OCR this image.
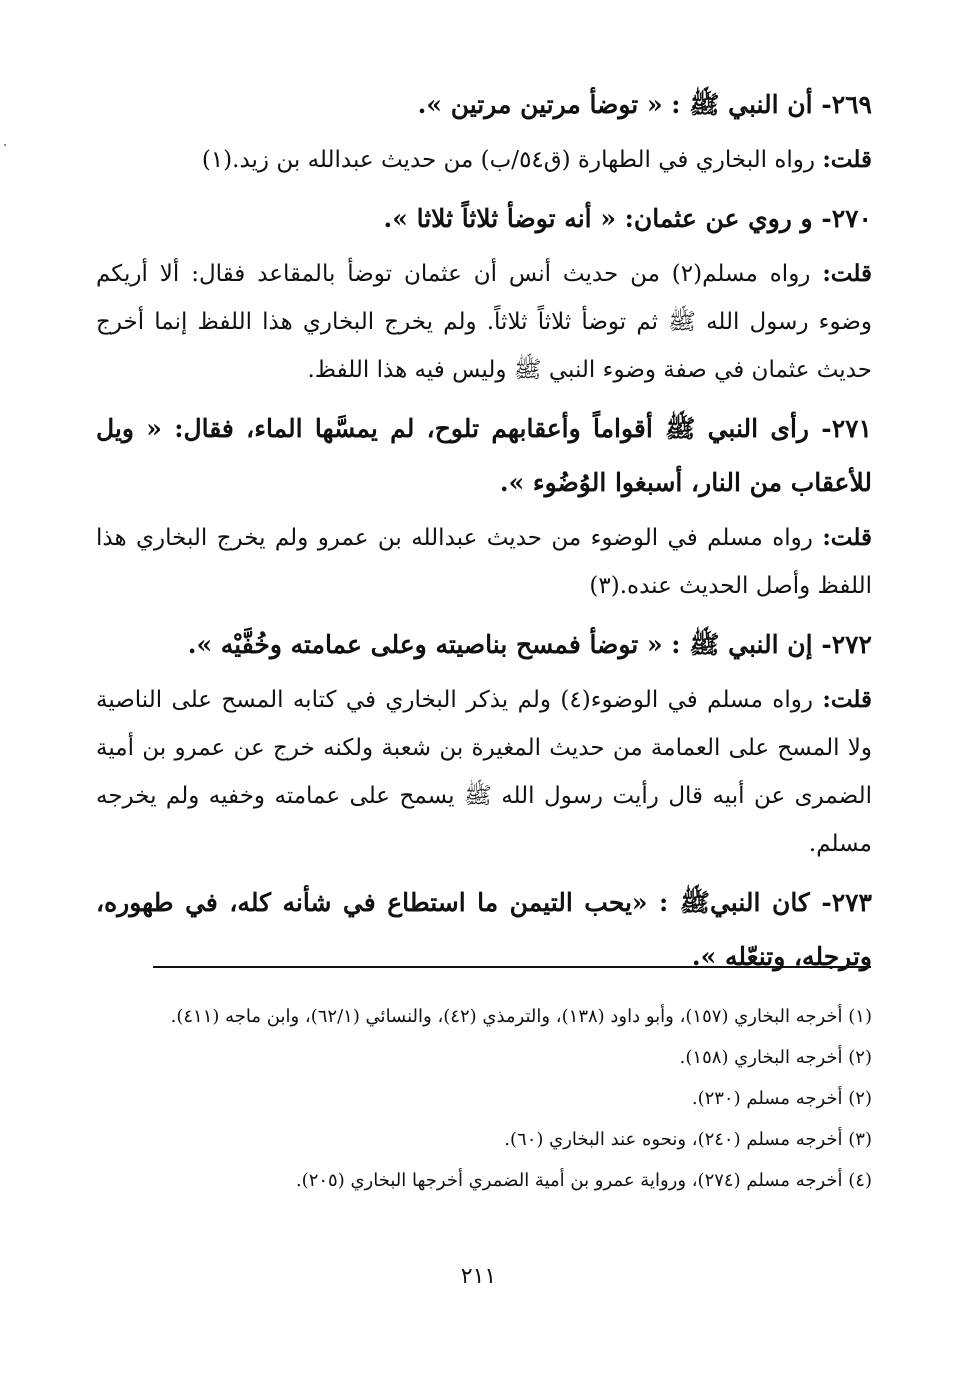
٢٦٩- أن النبي ﷺ : « توضأ مرتين مرتين ».

قلت: رواه البخاري في الطهارة (ق٥٤/ب) من حديث عبدالله بن زيد.(١)

٢٧٠- و روي عن عثمان: « أنه توضأ ثلاثاً ثلاثا ».

قلت: رواه مسلم(٢) من حديث أنس أن عثمان توضأ بالمقاعد فقال: ألا أريكم وضوء رسول الله ﷺ ثم توضأ ثلاثاً ثلاثاً. ولم يخرج البخاري هذا اللفظ إنما أخرج حديث عثمان في صفة وضوء النبي ﷺ وليس فيه هذا اللفظ.

٢٧١- رأى النبي ﷺ أقواماً وأعقابهم تلوح، لم يمسَّها الماء، فقال: « ويل للأعقاب من النار، أسبغوا الوُضُوء ».

قلت: رواه مسلم في الوضوء من حديث عبدالله بن عمرو ولم يخرج البخاري هذا اللفظ وأصل الحديث عنده.(٣)

٢٧٢- إن النبي ﷺ : « توضأ فمسح بناصيته وعلى عمامته وخُفَّيْه ».

قلت: رواه مسلم في الوضوء(٤) ولم يذكر البخاري في كتابه المسح على الناصية ولا المسح على العمامة من حديث المغيرة بن شعبة ولكنه خرج عن عمرو بن أمية الضمرى عن أبيه قال رأيت رسول الله ﷺ يسمح على عمامته وخفيه ولم يخرجه مسلم.

٢٧٣- كان النبيﷺ : «يحب التيمن ما استطاع في شأنه كله، في طهوره، وترجله، وتنعّله ».

(١) أخرجه البخاري (١٥٧)، وأبو داود (١٣٨)، والترمذي (٤٢)، والنسائي (٦٢/١)، وابن ماجه (٤١١).

(٢) أخرجه البخاري (١٥٨).

(٢) أخرجه مسلم (٢٣٠).

(٣) أخرجه مسلم (٢٤٠)، ونحوه عند البخاري (٦٠).

(٤) أخرجه مسلم (٢٧٤)، ورواية عمرو بن أمية الضمري أخرجها البخاري (٢٠٥).

٢١١
